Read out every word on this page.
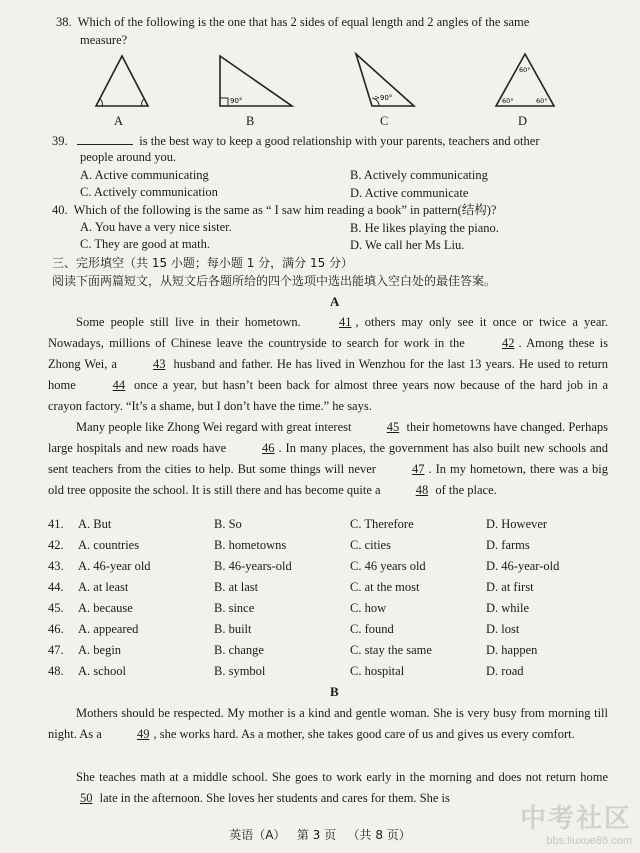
38. Which of the following is the one that has 2 sides of equal length and 2 angles of the same
measure?
A
90°
B
>90°
C
60°
60°	60°
D
39.	is the best way to keep a good relationship with your parents, teachers and other
people around you.
A. Active communicating	B. Actively communicating
C. Actively communication	D. Active communicate
40. Which of the following is the same as “ I saw him reading a book” in pattern(结构)?
A. You have a very nice sister.	B. He likes playing the piano.
C. They are good at math.	D. We call her Ms Liu.
三、完形填空（共 15 小题；每小题 1 分，满分 15 分）
阅读下面两篇短文，从短文后各题所给的四个选项中选出能填入空白处的最佳答案。
A
Some people still live in their hometown.	41 , others may only see it once or twice a year. Nowadays, millions of Chinese leave the countryside to search for work in the	42 . Among these is Zhong Wei, a	43 husband and father. He has lived in Wenzhou for the last 13 years. He used to return home	44 once a year, but hasn’t been back for almost three years now because of the hard job in a crayon factory. “It’s a shame, but I don’t have the time.” he says.
Many people like Zhong Wei regard with great interest	45 their hometowns have changed. Perhaps large hospitals and new roads have	46 . In many places, the government has also built new schools and sent teachers from the cities to help. But some things will never	47 . In my hometown, there was a big old tree opposite the school. It is still there and has become quite a	48 of the place.
41. A. But	B. So	C. Therefore	D. However
42. A. countries	B. hometowns	C. cities	D. farms
43. A. 46-year old	B. 46-years-old	C. 46 years old	D. 46-year-old
44. A. at least	B. at last	C. at the most	D. at first
45. A. because	B. since	C. how	D. while
46. A. appeared	B. built	C. found	D. lost
47. A. begin	B. change	C. stay the same	D. happen
48. A. school	B. symbol	C. hospital	D. road
B
Mothers should be respected. My mother is a kind and gentle woman. She is very busy from morning till night. As a	49 , she works hard. As a mother, she takes good care of us and gives us every comfort.
She teaches math at a middle school. She goes to work early in the morning and does not return home 50 late in the afternoon. She loves her students and cares for them. She is
英语（A）   第 3 页   （共 8 页）
中考社区
bbs.liuxue86.com
